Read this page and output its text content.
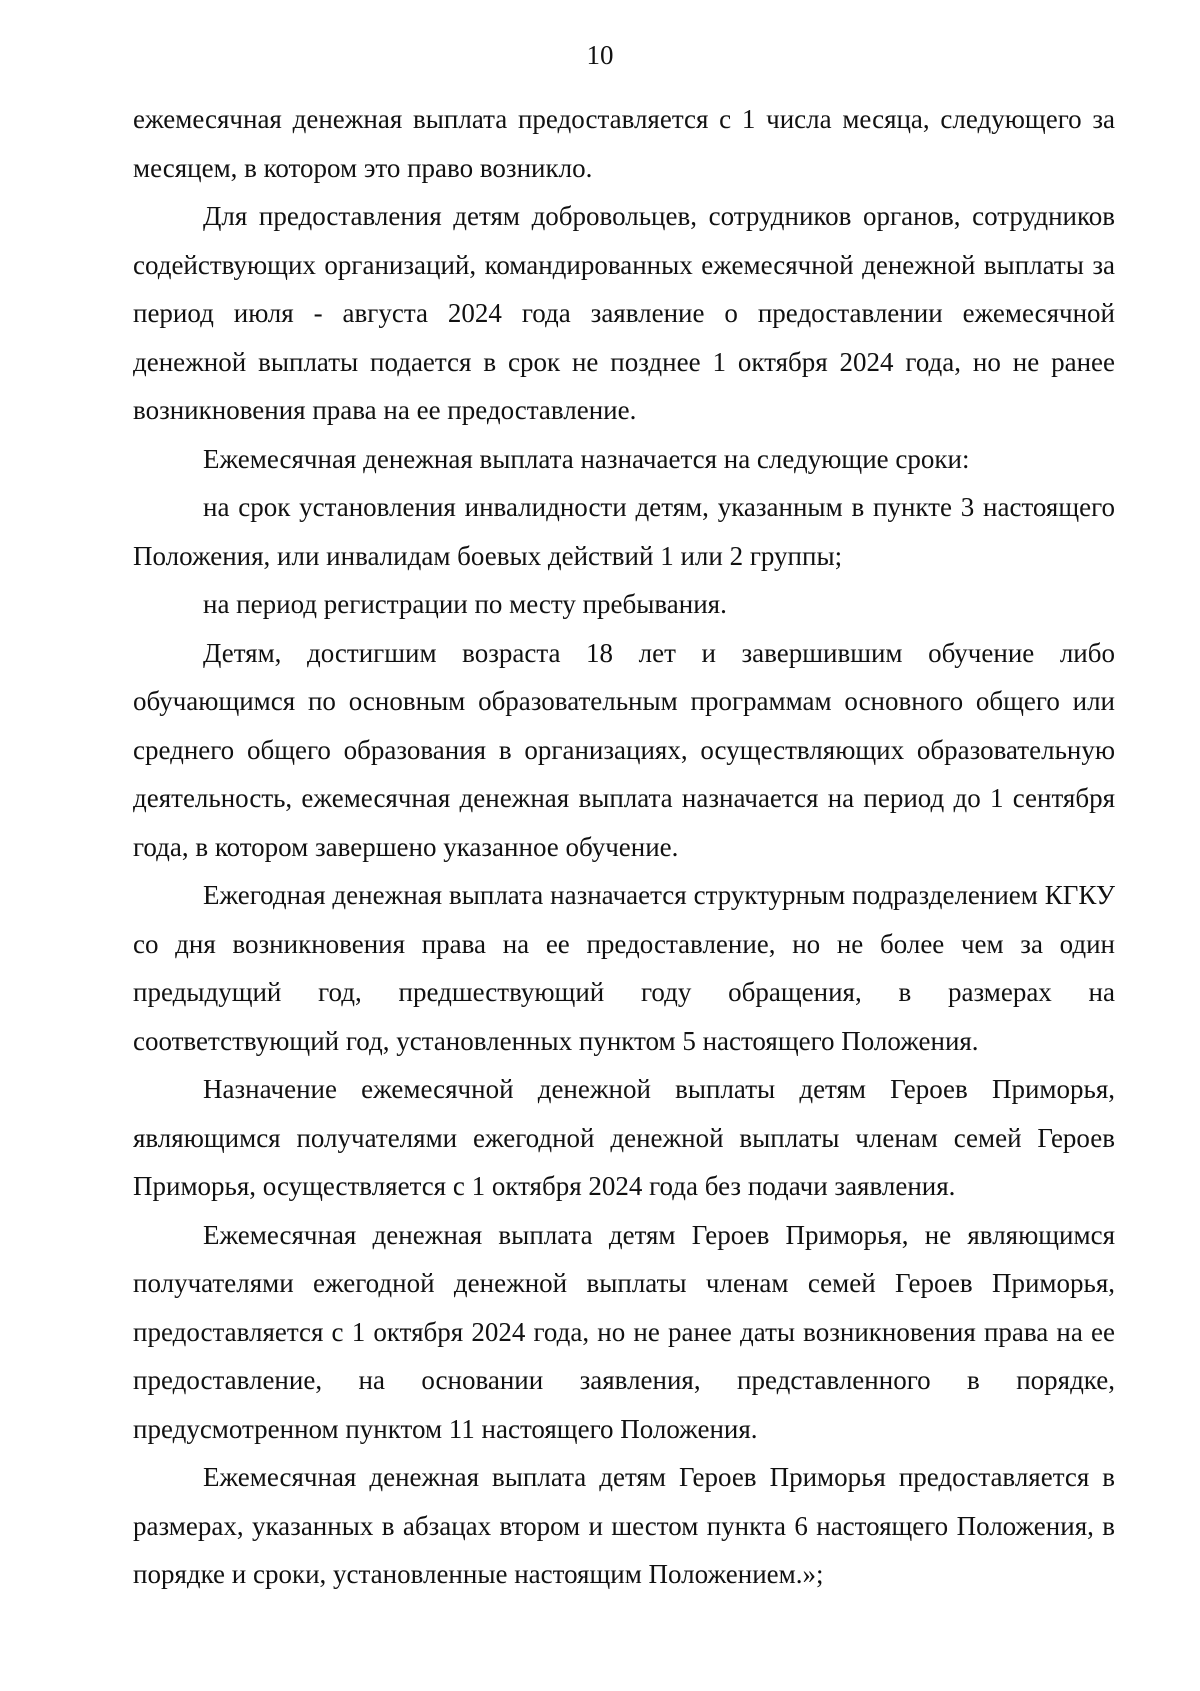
10

ежемесячная денежная выплата предоставляется с 1 числа месяца, следующего за месяцем, в котором это право возникло.

Для предоставления детям добровольцев, сотрудников органов, сотрудников содействующих организаций, командированных ежемесячной денежной выплаты за период июля - августа 2024 года заявление о предоставлении ежемесячной денежной выплаты подается в срок не позднее 1 октября 2024 года, но не ранее возникновения права на ее предоставление.

Ежемесячная денежная выплата назначается на следующие сроки:

на срок установления инвалидности детям, указанным в пункте 3 настоящего Положения, или инвалидам боевых действий 1 или 2 группы;

на период регистрации по месту пребывания.

Детям, достигшим возраста 18 лет и завершившим обучение либо обучающимся по основным образовательным программам основного общего или среднего общего образования в организациях, осуществляющих образовательную деятельность, ежемесячная денежная выплата назначается на период до 1 сентября года, в котором завершено указанное обучение.

Ежегодная денежная выплата назначается структурным подразделением КГКУ со дня возникновения права на ее предоставление, но не более чем за один предыдущий год, предшествующий году обращения, в размерах на соответствующий год, установленных пунктом 5 настоящего Положения.

Назначение ежемесячной денежной выплаты детям Героев Приморья, являющимся получателями ежегодной денежной выплаты членам семей Героев Приморья, осуществляется с 1 октября 2024 года без подачи заявления.

Ежемесячная денежная выплата детям Героев Приморья, не являющимся получателями ежегодной денежной выплаты членам семей Героев Приморья, предоставляется с 1 октября 2024 года, но не ранее даты возникновения права на ее предоставление, на основании заявления, представленного в порядке, предусмотренном пунктом 11 настоящего Положения.

Ежемесячная денежная выплата детям Героев Приморья предоставляется в размерах, указанных в абзацах втором и шестом пункта 6 настоящего Положения, в порядке и сроки, установленные настоящим Положением.»;
